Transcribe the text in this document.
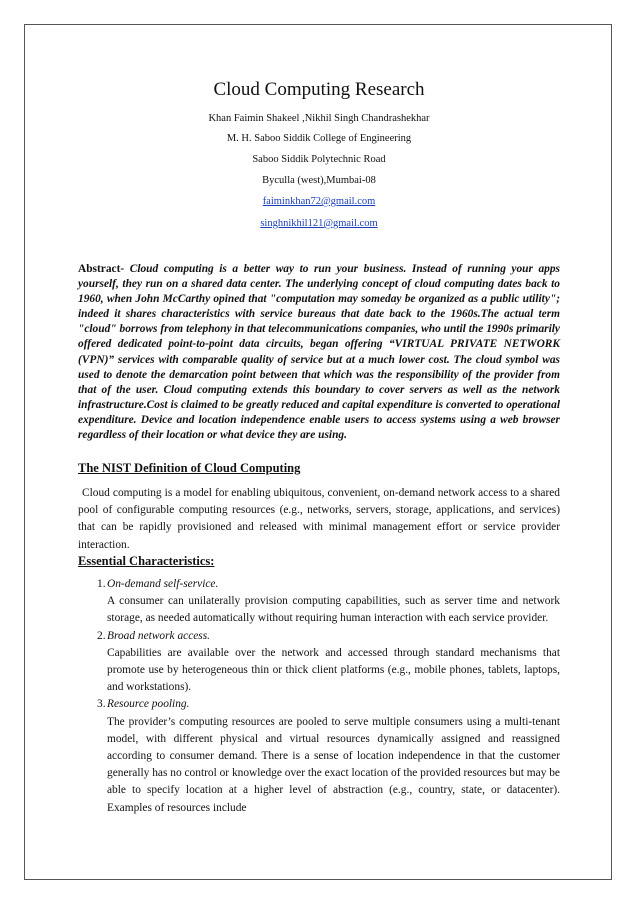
Cloud Computing Research
Khan Faimin Shakeel ,Nikhil Singh Chandrashekhar
M. H. Saboo Siddik College of Engineering
Saboo Siddik Polytechnic Road
Byculla (west),Mumbai-08
faiminkhan72@gmail.com
singhnikhil121@gmail.com
Abstract- Cloud computing is a better way to run your business. Instead of running your apps yourself, they run on a shared data center. The underlying concept of cloud computing dates back to 1960, when John McCarthy opined that "computation may someday be organized as a public utility"; indeed it shares characteristics with service bureaus that date back to the 1960s.The actual term "cloud" borrows from telephony in that telecommunications companies, who until the 1990s primarily offered dedicated point-to-point data circuits, began offering “VIRTUAL PRIVATE NETWORK (VPN)” services with comparable quality of service but at a much lower cost. The cloud symbol was used to denote the demarcation point between that which was the responsibility of the provider from that of the user. Cloud computing extends this boundary to cover servers as well as the network infrastructure.Cost is claimed to be greatly reduced and capital expenditure is converted to operational expenditure. Device and location independence enable users to access systems using a web browser regardless of their location or what device they are using.
The NIST Definition of Cloud Computing
Cloud computing is a model for enabling ubiquitous, convenient, on-demand network access to a shared pool of configurable computing resources (e.g., networks, servers, storage, applications, and services) that can be rapidly provisioned and released with minimal management effort or service provider interaction.
Essential Characteristics:
1. On-demand self-service.
A consumer can unilaterally provision computing capabilities, such as server time and network storage, as needed automatically without requiring human interaction with each service provider.
2. Broad network access.
Capabilities are available over the network and accessed through standard mechanisms that promote use by heterogeneous thin or thick client platforms (e.g., mobile phones, tablets, laptops, and workstations).
3. Resource pooling.
The provider’s computing resources are pooled to serve multiple consumers using a multi-tenant model, with different physical and virtual resources dynamically assigned and reassigned according to consumer demand. There is a sense of location independence in that the customer generally has no control or knowledge over the exact location of the provided resources but may be able to specify location at a higher level of abstraction (e.g., country, state, or datacenter). Examples of resources include
